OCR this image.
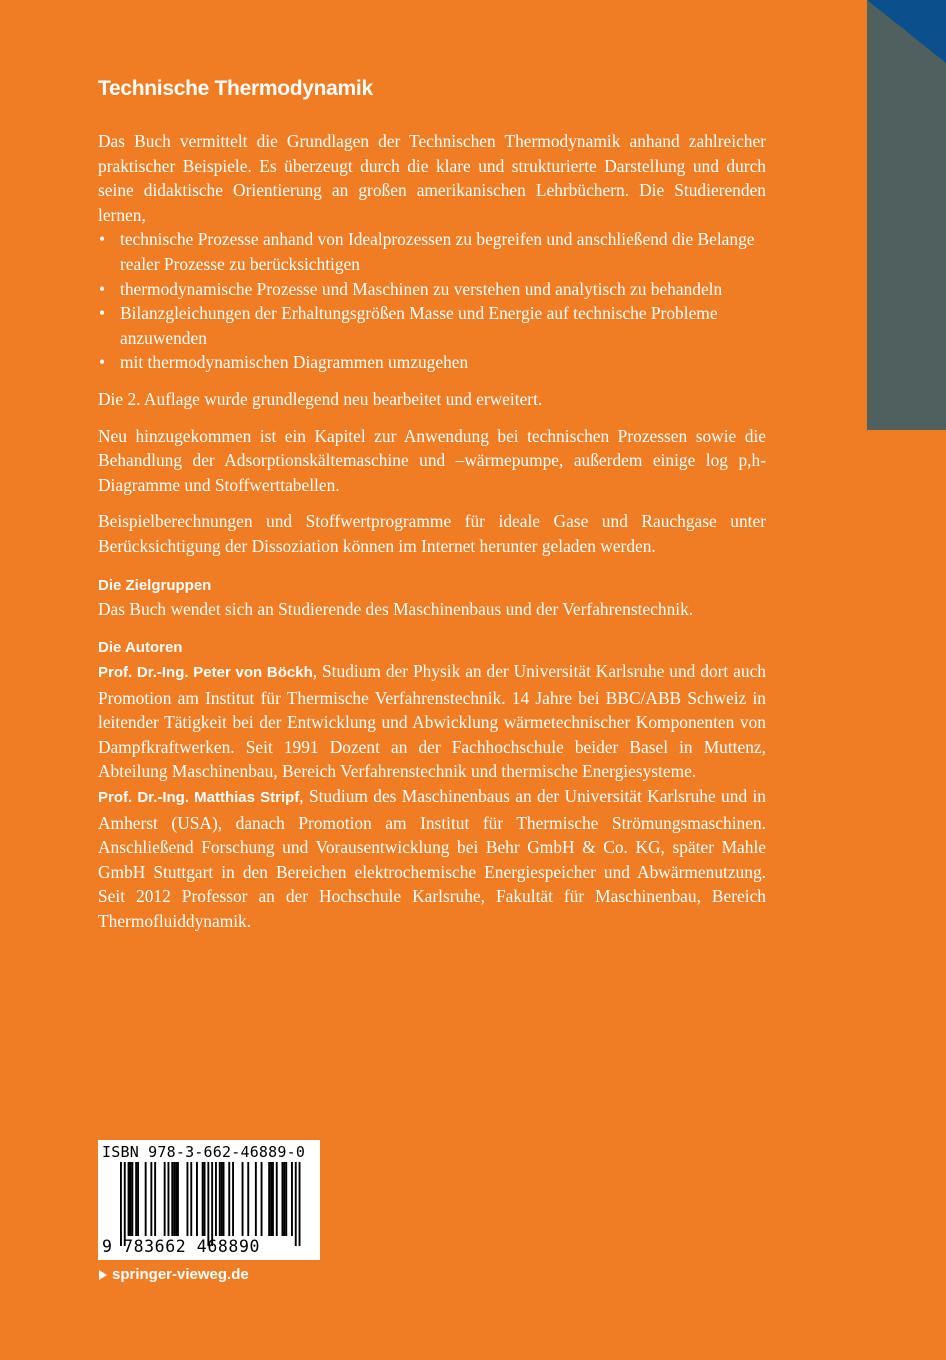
Technische Thermodynamik

Das Buch vermittelt die Grundlagen der Technischen Thermodynamik anhand zahlreicher praktischer Beispiele. Es überzeugt durch die klare und strukturierte Darstellung und durch seine didaktische Orientierung an großen amerikanischen Lehrbüchern. Die Studierenden lernen,

• technische Prozesse anhand von Idealprozessen zu begreifen und anschließend die Belange realer Prozesse zu berücksichtigen
• thermodynamische Prozesse und Maschinen zu verstehen und analytisch zu behandeln
• Bilanzgleichungen der Erhaltungsgrößen Masse und Energie auf technische Probleme anzuwenden
• mit thermodynamischen Diagrammen umzugehen

Die 2. Auflage wurde grundlegend neu bearbeitet und erweitert.

Neu hinzugekommen ist ein Kapitel zur Anwendung bei technischen Prozessen sowie die Behandlung der Adsorptionskältemaschine und –wärmepumpe, außerdem einige log p,h-Diagramme und Stoffwerttabellen.

Beispielberechnungen und Stoffwertprogramme für ideale Gase und Rauchgase unter Berücksichtigung der Dissoziation können im Internet herunter geladen werden.

Die Zielgruppen

Das Buch wendet sich an Studierende des Maschinenbaus und der Verfahrenstechnik.

Die Autoren

Prof. Dr.-Ing. Peter von Böckh, Studium der Physik an der Universität Karlsruhe und dort auch Promotion am Institut für Thermische Verfahrenstechnik. 14 Jahre bei BBC/ABB Schweiz in leitender Tätigkeit bei der Entwicklung und Abwicklung wärmetechnischer Komponenten von Dampfkraftwerken. Seit 1991 Dozent an der Fachhochschule beider Basel in Muttenz, Abteilung Maschinenbau, Bereich Verfahrenstechnik und thermische Energiesysteme.

Prof. Dr.-Ing. Matthias Stripf, Studium des Maschinenbaus an der Universität Karlsruhe und in Amherst (USA), danach Promotion am Institut für Thermische Strömungsmaschinen. Anschließend Forschung und Vorausentwicklung bei Behr GmbH & Co. KG, später Mahle GmbH Stuttgart in den Bereichen elektrochemische Energiespeicher und Abwärmenutzung. Seit 2012 Professor an der Hochschule Karlsruhe, Fakultät für Maschinenbau, Bereich Thermofluiddynamik.

ISBN 978-3-662-46889-0
9 783662 468890
springer-vieweg.de
